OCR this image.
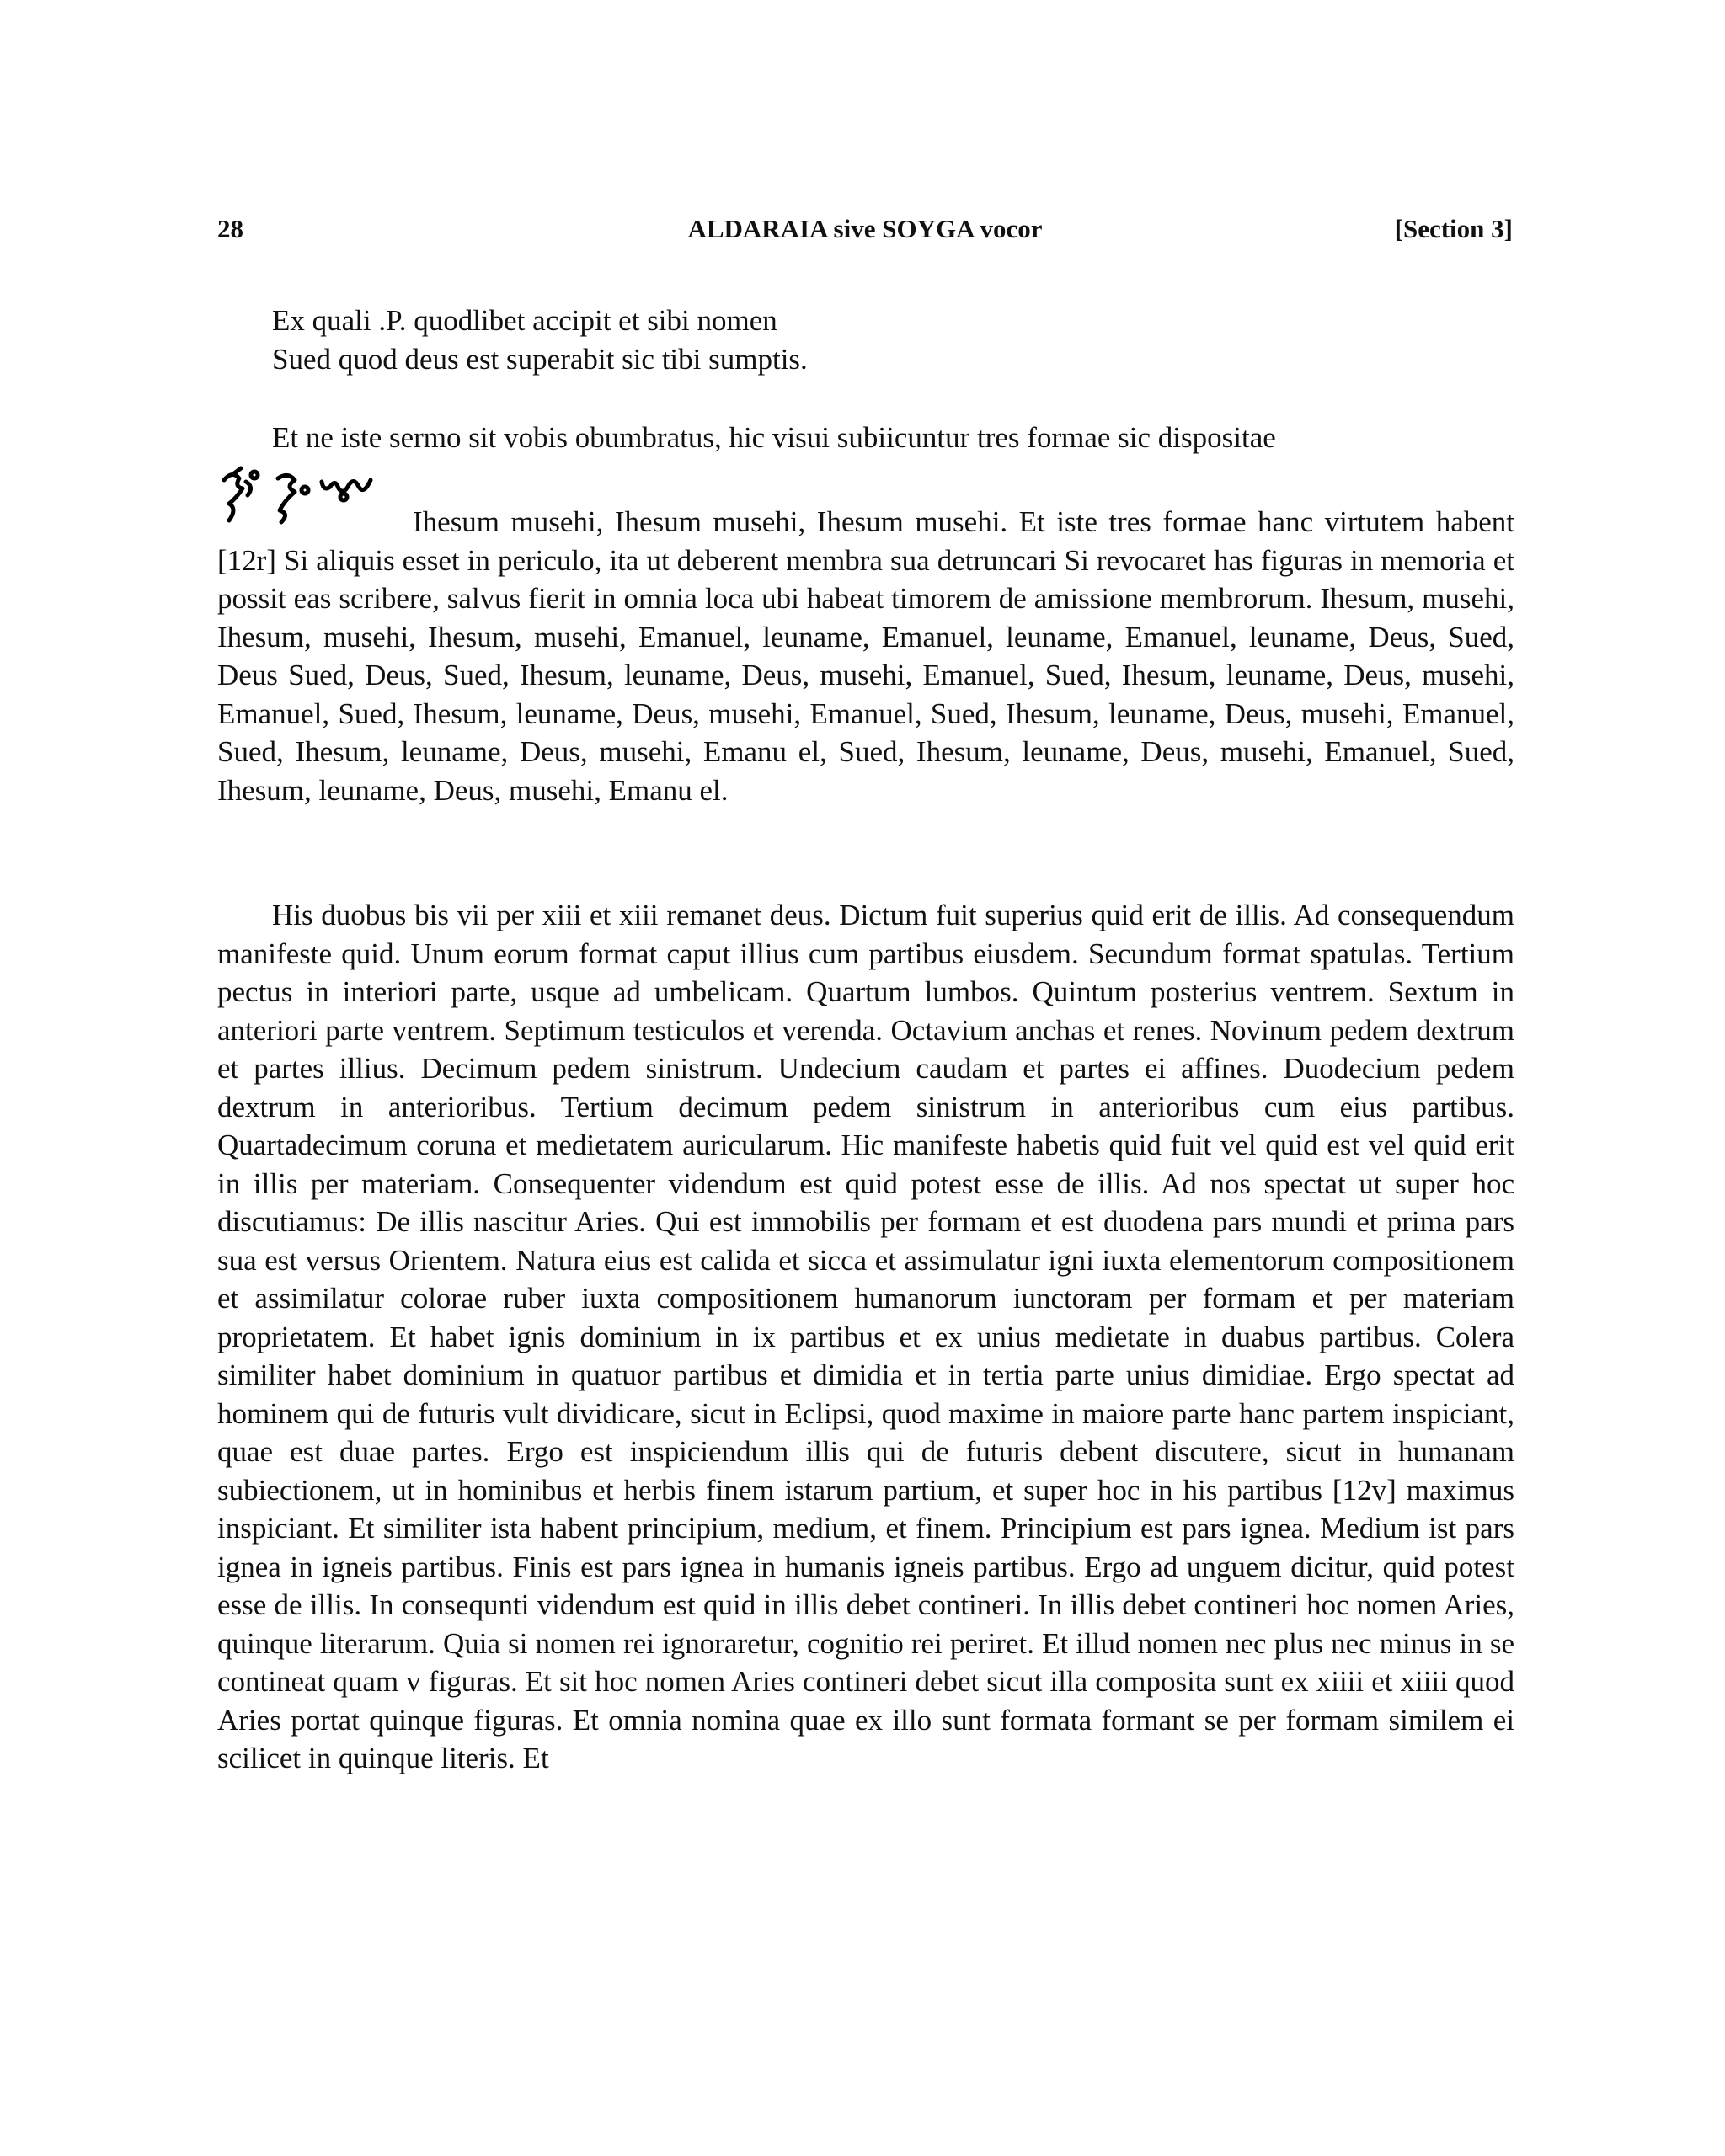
28	ALDARAIA sive SOYGA vocor	[Section 3]
Ex quali .P. quodlibet accipit et sibi nomen
Sued quod deus est superabit sic tibi sumptis.
Et ne iste sermo sit vobis obumbratus, hic visui subiicuntur tres formae sic dispositae
Ihesum musehi, Ihesum musehi, Ihesum musehi. Et iste tres formae hanc virtutem habent [12r] Si aliquis esset in periculo, ita ut deberent membra sua detruncari Si revocaret has figuras in memoria et possit eas scribere, salvus fierit in omnia loca ubi habeat timorem de amissione membrorum. Ihesum, musehi, Ihesum, musehi, Ihesum, musehi, Emanuel, leuname, Emanuel, leuname, Emanuel, leuname, Deus, Sued, Deus Sued, Deus, Sued, Ihesum, leuname, Deus, musehi, Emanuel, Sued, Ihesum, leuname, Deus, musehi, Emanuel, Sued, Ihesum, leuname, Deus, musehi, Emanuel, Sued, Ihesum, leuname, Deus, musehi, Emanuel, Sued, Ihesum, leuname, Deus, musehi, Emanu el, Sued, Ihesum, leuname, Deus, musehi, Emanuel, Sued, Ihesum, leuname, Deus, musehi, Emanu el.
His duobus bis vii per xiii et xiii remanet deus. Dictum fuit superius quid erit de illis. Ad consequendum manifeste quid. Unum eorum format caput illius cum partibus eiusdem. Secundum format spatulas. Tertium pectus in interiori parte, usque ad umbelicam. Quartum lumbos. Quintum posterius ventrem. Sextum in anteriori parte ventrem. Septimum testiculos et verenda. Octavium anchas et renes. Novinum pedem dextrum et partes illius. Decimum pedem sinistrum. Undecium caudam et partes ei affines. Duodecium pedem dextrum in anterioribus. Tertium decimum pedem sinistrum in anterioribus cum eius partibus. Quartadecimum coruna et medietatem auricularum. Hic manifeste habetis quid fuit vel quid est vel quid erit in illis per materiam. Consequenter videndum est quid potest esse de illis. Ad nos spectat ut super hoc discutiamus: De illis nascitur Aries. Qui est immobilis per formam et est duodena pars mundi et prima pars sua est versus Orientem. Natura eius est calida et sicca et assimulatur igni iuxta elementorum compositionem et assimilatur colorae ruber iuxta compositionem humanorum iunctoram per formam et per materiam proprietatem. Et habet ignis dominium in ix partibus et ex unius medietate in duabus partibus. Colera similiter habet dominium in quatuor partibus et dimidia et in tertia parte unius dimidiae. Ergo spectat ad hominem qui de futuris vult dividicare, sicut in Eclipsi, quod maxime in maiore parte hanc partem inspiciant, quae est duae partes. Ergo est inspiciendum illis qui de futuris debent discutere, sicut in humanam subiectionem, ut in hominibus et herbis finem istarum partium, et super hoc in his partibus [12v] maximus inspiciant. Et similiter ista habent principium, medium, et finem. Principium est pars ignea. Medium ist pars ignea in igneis partibus. Finis est pars ignea in humanis igneis partibus. Ergo ad unguem dicitur, quid potest esse de illis. In consequnti videndum est quid in illis debet contineri. In illis debet contineri hoc nomen Aries, quinque literarum. Quia si nomen rei ignoraretur, cognitio rei periret. Et illud nomen nec plus nec minus in se contineat quam v figuras. Et sit hoc nomen Aries contineri debet sicut illa composita sunt ex xiiii et xiiii quod Aries portat quinque figuras. Et omnia nomina quae ex illo sunt formata formant se per formam similem ei scilicet in quinque literis. Et
